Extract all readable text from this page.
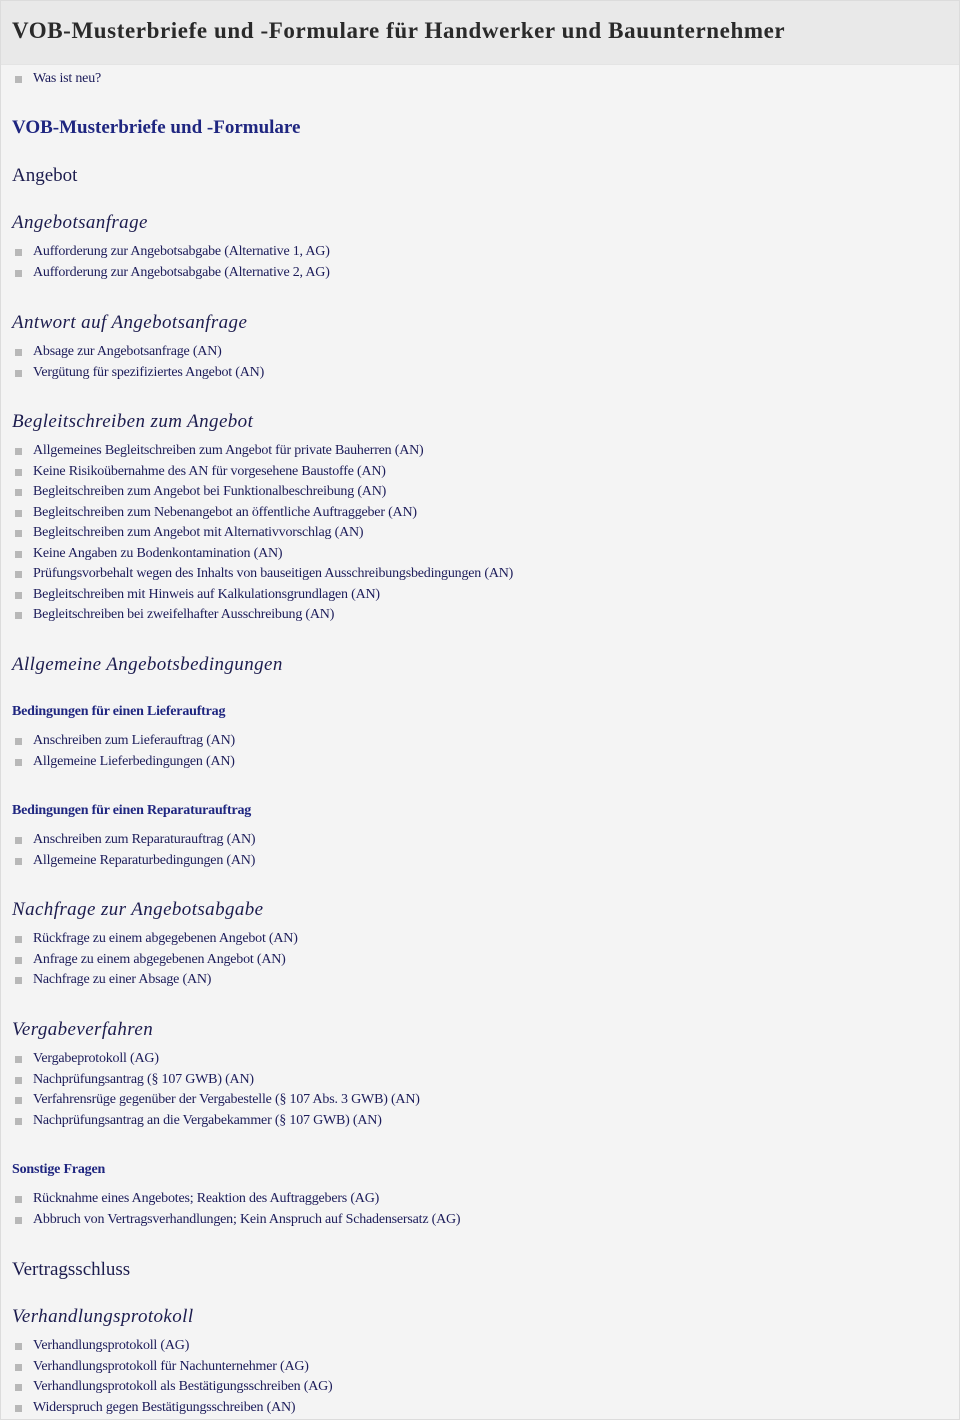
VOB-Musterbriefe und -Formulare für Handwerker und Bauunternehmer
Was ist neu?
VOB-Musterbriefe und -Formulare
Angebot
Angebotsanfrage
Aufforderung zur Angebotsabgabe (Alternative 1, AG)
Aufforderung zur Angebotsabgabe (Alternative 2, AG)
Antwort auf Angebotsanfrage
Absage zur Angebotsanfrage (AN)
Vergütung für spezifiziertes Angebot (AN)
Begleitschreiben zum Angebot
Allgemeines Begleitschreiben zum Angebot für private Bauherren (AN)
Keine Risikoübernahme des AN für vorgesehene Baustoffe (AN)
Begleitschreiben zum Angebot bei Funktionalbeschreibung (AN)
Begleitschreiben zum Nebenangebot an öffentliche Auftraggeber (AN)
Begleitschreiben zum Angebot mit Alternativvorschlag (AN)
Keine Angaben zu Bodenkontamination (AN)
Prüfungsvorbehalt wegen des Inhalts von bauseitigen Ausschreibungsbedingungen (AN)
Begleitschreiben mit Hinweis auf Kalkulationsgrundlagen (AN)
Begleitschreiben bei zweifelhafter Ausschreibung (AN)
Allgemeine Angebotsbedingungen
Bedingungen für einen Lieferauftrag
Anschreiben zum Lieferauftrag (AN)
Allgemeine Lieferbedingungen (AN)
Bedingungen für einen Reparaturauftrag
Anschreiben zum Reparaturauftrag (AN)
Allgemeine Reparaturbedingungen (AN)
Nachfrage zur Angebotsabgabe
Rückfrage zu einem abgegebenen Angebot (AN)
Anfrage zu einem abgegebenen Angebot (AN)
Nachfrage zu einer Absage (AN)
Vergabeverfahren
Vergabeprotokoll (AG)
Nachprüfungsantrag (§ 107 GWB) (AN)
Verfahrensrüge gegenüber der Vergabestelle (§ 107 Abs. 3 GWB) (AN)
Nachprüfungsantrag an die Vergabekammer (§ 107 GWB) (AN)
Sonstige Fragen
Rücknahme eines Angebotes; Reaktion des Auftraggebers (AG)
Abbruch von Vertragsverhandlungen; Kein Anspruch auf Schadensersatz (AG)
Vertragsschluss
Verhandlungsprotokoll
Verhandlungsprotokoll (AG)
Verhandlungsprotokoll für Nachunternehmer (AG)
Verhandlungsprotokoll als Bestätigungsschreiben (AG)
Widerspruch gegen Bestätigungsschreiben (AN)
